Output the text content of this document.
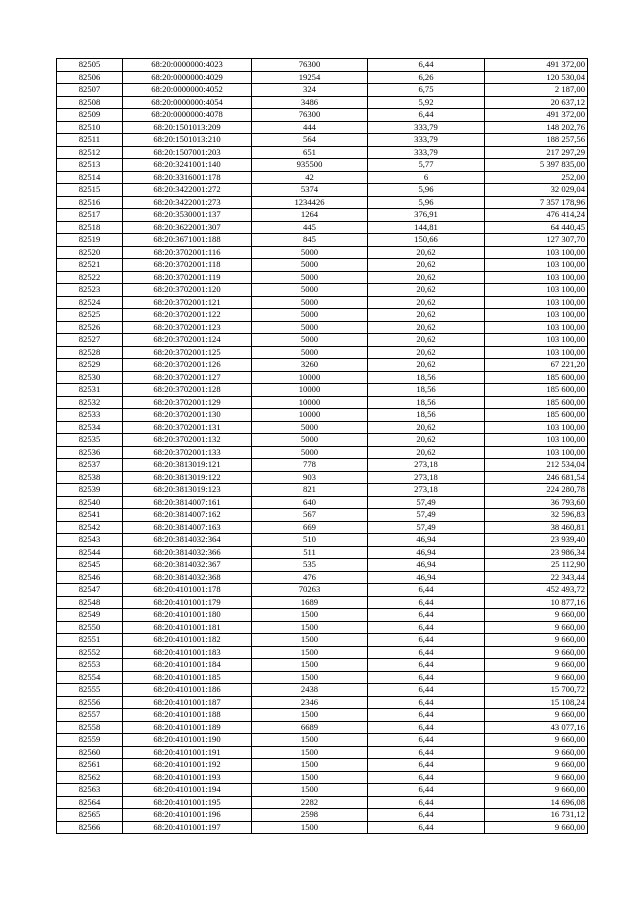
82505	68:20:0000000:4023	76300	6,44	491 372,00
82506	68:20:0000000:4029	19254	6,26	120 530,04
82507	68:20:0000000:4052	324	6,75	2 187,00
82508	68:20:0000000:4054	3486	5,92	20 637,12
82509	68:20:0000000:4078	76300	6,44	491 372,00
82510	68:20:1501013:209	444	333,79	148 202,76
82511	68:20:1501013:210	564	333,79	188 257,56
82512	68:20:1507001:203	651	333,79	217 297,29
82513	68:20:3241001:140	935500	5,77	5 397 835,00
82514	68:20:3316001:178	42	6	252,00
82515	68:20:3422001:272	5374	5,96	32 029,04
82516	68:20:3422001:273	1234426	5,96	7 357 178,96
82517	68:20:3530001:137	1264	376,91	476 414,24
82518	68:20:3622001:307	445	144,81	64 440,45
82519	68:20:3671001:188	845	150,66	127 307,70
82520	68:20:3702001:116	5000	20,62	103 100,00
82521	68:20:3702001:118	5000	20,62	103 100,00
82522	68:20:3702001:119	5000	20,62	103 100,00
82523	68:20:3702001:120	5000	20,62	103 100,00
82524	68:20:3702001:121	5000	20,62	103 100,00
82525	68:20:3702001:122	5000	20,62	103 100,00
82526	68:20:3702001:123	5000	20,62	103 100,00
82527	68:20:3702001:124	5000	20,62	103 100,00
82528	68:20:3702001:125	5000	20,62	103 100,00
82529	68:20:3702001:126	3260	20,62	67 221,20
82530	68:20:3702001:127	10000	18,56	185 600,00
82531	68:20:3702001:128	10000	18,56	185 600,00
82532	68:20:3702001:129	10000	18,56	185 600,00
82533	68:20:3702001:130	10000	18,56	185 600,00
82534	68:20:3702001:131	5000	20,62	103 100,00
82535	68:20:3702001:132	5000	20,62	103 100,00
82536	68:20:3702001:133	5000	20,62	103 100,00
82537	68:20:3813019:121	778	273,18	212 534,04
82538	68:20:3813019:122	903	273,18	246 681,54
82539	68:20:3813019:123	821	273,18	224 280,78
82540	68:20:3814007:161	640	57,49	36 793,60
82541	68:20:3814007:162	567	57,49	32 596,83
82542	68:20:3814007:163	669	57,49	38 460,81
82543	68:20:3814032:364	510	46,94	23 939,40
82544	68:20:3814032:366	511	46,94	23 986,34
82545	68:20:3814032:367	535	46,94	25 112,90
82546	68:20:3814032:368	476	46,94	22 343,44
82547	68:20:4101001:178	70263	6,44	452 493,72
82548	68:20:4101001:179	1689	6,44	10 877,16
82549	68:20:4101001:180	1500	6,44	9 660,00
82550	68:20:4101001:181	1500	6,44	9 660,00
82551	68:20:4101001:182	1500	6,44	9 660,00
82552	68:20:4101001:183	1500	6,44	9 660,00
82553	68:20:4101001:184	1500	6,44	9 660,00
82554	68:20:4101001:185	1500	6,44	9 660,00
82555	68:20:4101001:186	2438	6,44	15 700,72
82556	68:20:4101001:187	2346	6,44	15 108,24
82557	68:20:4101001:188	1500	6,44	9 660,00
82558	68:20:4101001:189	6689	6,44	43 077,16
82559	68:20:4101001:190	1500	6,44	9 660,00
82560	68:20:4101001:191	1500	6,44	9 660,00
82561	68:20:4101001:192	1500	6,44	9 660,00
82562	68:20:4101001:193	1500	6,44	9 660,00
82563	68:20:4101001:194	1500	6,44	9 660,00
82564	68:20:4101001:195	2282	6,44	14 696,08
82565	68:20:4101001:196	2598	6,44	16 731,12
82566	68:20:4101001:197	1500	6,44	9 660,00
